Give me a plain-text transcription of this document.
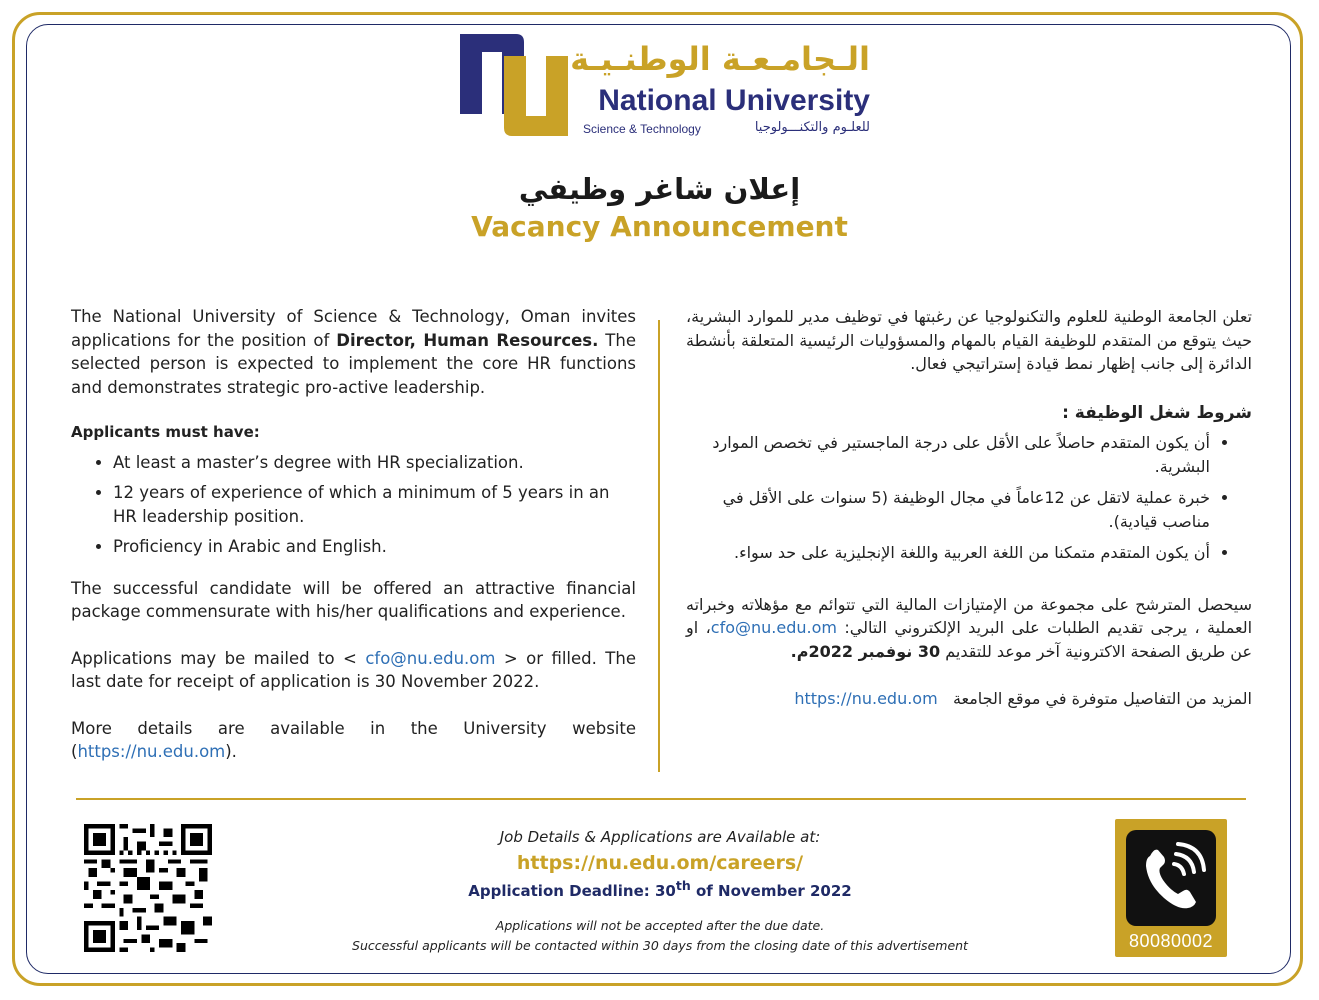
الـجامـعـة الوطنـيـة
National University
Science & Technology	للعلـوم والتكنـــولوجيا
إعلان شاغر وظيفي
Vacancy Announcement

The National University of Science & Technology, Oman invites applications for the position of Director, Human Resources. The selected person is expected to implement the core HR functions and demonstrates strategic pro-active leadership.

Applicants must have:
• At least a master’s degree with HR specialization.
• 12 years of experience of which a minimum of 5 years in an HR leadership position.
• Proficiency in Arabic and English.

The successful candidate will be offered an attractive financial package commensurate with his/her qualifications and experience.

Applications may be mailed to < cfo@nu.edu.om > or filled. The last date for receipt of application is 30 November 2022.

More details are available in the University website (https://nu.edu.om).

تعلن الجامعة الوطنية للعلوم والتكنولوجيا عن رغبتها في توظيف مدير للموارد البشرية، حيث يتوقع من المتقدم للوظيفة القيام بالمهام والمسؤوليات الرئيسية المتعلقة بأنشطة الدائرة إلى جانب إظهار نمط قيادة إستراتيجي فعال.

شروط شغل الوظيفة :
• أن يكون المتقدم حاصلاً على الأقل على درجة الماجستير في تخصص الموارد البشرية.
• خبرة عملية لاتقل عن 12عاماً في مجال الوظيفة (5 سنوات على الأقل في مناصب قيادية).
• أن يكون المتقدم متمكنا من اللغة العربية واللغة الإنجليزية على حد سواء.

سيحصل المترشح على مجموعة من الإمتيازات المالية التي تتوائم مع مؤهلاته وخبراته العملية ، يرجى تقديم الطلبات على البريد الإلكتروني التالي: cfo@nu.edu.om، او عن طريق الصفحة الاكترونية آخر موعد للتقديم 30 نوفمبر 2022م.

المزيد من التفاصيل متوفرة في موقع الجامعة   https://nu.edu.om

Job Details & Applications are Available at:
https://nu.edu.om/careers/
Application Deadline: 30th of November 2022
Applications will not be accepted after the due date.
Successful applicants will be contacted within 30 days from the closing date of this advertisement	80080002
